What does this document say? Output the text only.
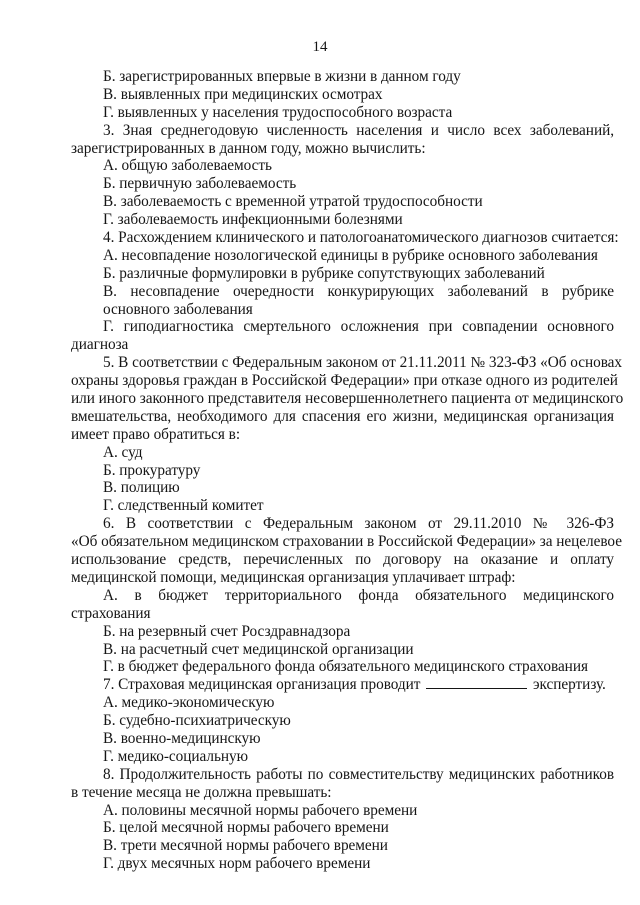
14
Б. зарегистрированных впервые в жизни в данном году
В. выявленных при медицинских осмотрах
Г. выявленных у населения трудоспособного возраста
3. Зная среднегодовую численность населения и число всех заболеваний,
зарегистрированных в данном году, можно вычислить:
А. общую заболеваемость
Б. первичную заболеваемость
В. заболеваемость с временной утратой трудоспособности
Г. заболеваемость инфекционными болезнями
4. Расхождением клинического и патологоанатомического диагнозов считается:
А. несовпадение нозологической единицы в рубрике основного заболевания
Б. различные формулировки в рубрике сопутствующих заболеваний
В. несовпадение очередности конкурирующих заболеваний в рубрике
основного заболевания
Г. гиподиагностика смертельного осложнения при совпадении основного
диагноза
5. В соответствии с Федеральным законом от 21.11.2011 № 323-ФЗ «Об основах
охраны здоровья граждан в Российской Федерации» при отказе одного из родителей
или иного законного представителя несовершеннолетнего пациента от медицинского
вмешательства, необходимого для спасения его жизни, медицинская организация
имеет право обратиться в:
А. суд
Б. прокуратуру
В. полицию
Г. следственный комитет
6. В соответствии с Федеральным законом от 29.11.2010 № 326-ФЗ
«Об обязательном медицинском страховании в Российской Федерации» за нецелевое
использование средств, перечисленных по договору на оказание и оплату
медицинской помощи, медицинская организация уплачивает штраф:
А. в бюджет территориального фонда обязательного медицинского
страхования
Б. на резервный счет Росздравнадзора
В. на расчетный счет медицинской организации
Г. в бюджет федерального фонда обязательного медицинского страхования
7. Страховая медицинская организация проводит	экспертизу.
А. медико-экономическую
Б. судебно-психиатрическую
В. военно-медицинскую
Г. медико-социальную
8. Продолжительность работы по совместительству медицинских работников
в течение месяца не должна превышать:
А. половины месячной нормы рабочего времени
Б. целой месячной нормы рабочего времени
В. трети месячной нормы рабочего времени
Г. двух месячных норм рабочего времени
